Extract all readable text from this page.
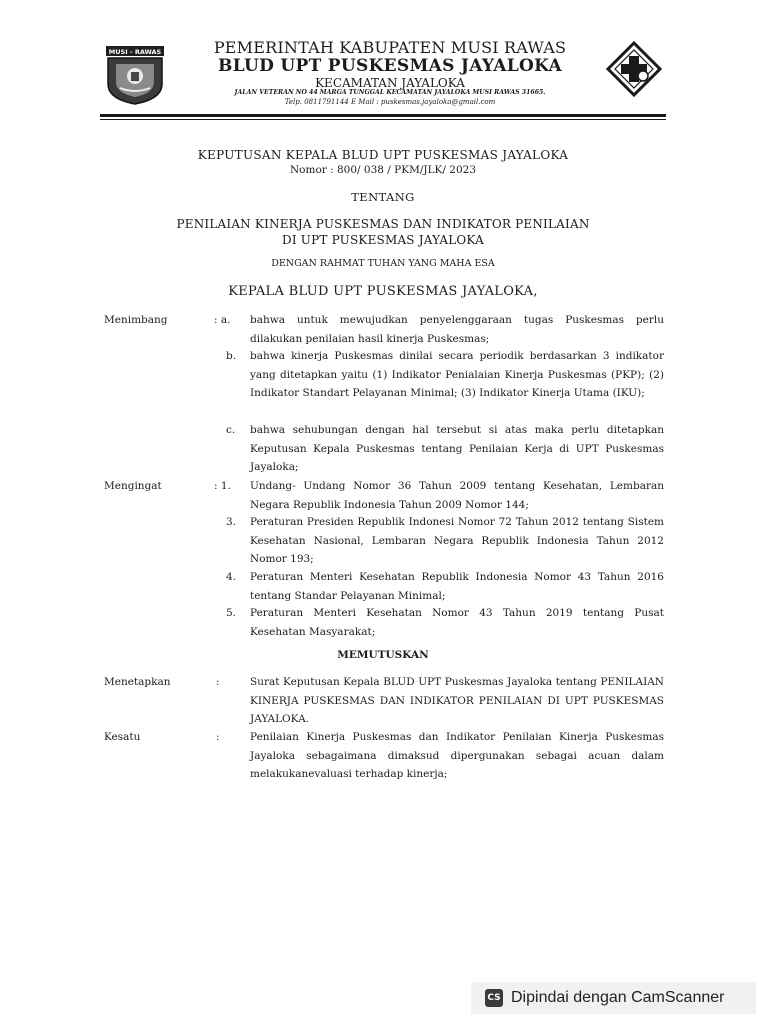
MUSI - RAWAS	PEMERINTAH KABUPATEN MUSI RAWAS
BLUD UPT PUSKESMAS JAYALOKA
KECAMATAN JAYALOKA
JALAN VETERAN NO 44 MARGA TUNGGAL KECAMATAN JAYALOKA MUSI RAWAS 31665.
Telp. 0811791144 E Mail : puskesmas.jayaloka@gmail.com
KEPUTUSAN KEPALA BLUD UPT PUSKESMAS JAYALOKA
Nomor : 800/ 038 / PKM/JLK/ 2023
TENTANG
PENILAIAN KINERJA PUSKESMAS DAN INDIKATOR PENILAIAN
DI UPT PUSKESMAS JAYALOKA
DENGAN RAHMAT TUHAN YANG MAHA ESA
KEPALA BLUD UPT PUSKESMAS JAYALOKA,
Menimbang	: a. bahwa untuk mewujudkan penyelenggaraan tugas Puskesmas perlu dilakukan penilaian hasil kinerja Puskesmas;
b. bahwa kinerja Puskesmas dinilai secara periodik berdasarkan 3 indikator yang ditetapkan yaitu (1) Indikator Penialaian Kinerja Puskesmas (PKP); (2) Indikator Standart Pelayanan Minimal; (3) Indikator Kinerja Utama (IKU);
c. bahwa sehubungan dengan hal tersebut si atas maka perlu ditetapkan Keputusan Kepala Puskesmas tentang Penilaian Kerja di UPT Puskesmas Jayaloka;
Mengingat	: 1. Undang- Undang Nomor 36 Tahun 2009 tentang Kesehatan, Lembaran Negara Republik Indonesia Tahun 2009 Nomor 144;
3. Peraturan Presiden Republik Indonesi Nomor 72 Tahun 2012 tentang Sistem Kesehatan Nasional, Lembaran Negara Republik Indonesia Tahun 2012 Nomor 193;
4. Peraturan Menteri Kesehatan Republik Indonesia Nomor 43 Tahun 2016 tentang Standar Pelayanan Minimal;
5. Peraturan Menteri Kesehatan Nomor 43 Tahun 2019 tentang Pusat Kesehatan Masyarakat;
MEMUTUSKAN
Menetapkan	:	Surat Keputusan Kepala BLUD UPT Puskesmas Jayaloka tentang PENILAIAN KINERJA PUSKESMAS DAN INDIKATOR PENILAIAN DI UPT PUSKESMAS JAYALOKA.
Kesatu	:	Penilaian Kinerja Puskesmas dan Indikator Penilaian Kinerja Puskesmas Jayaloka sebagaimana dimaksud dipergunakan sebagai acuan dalam melakukanevaluasi terhadap kinerja;
CS Dipindai dengan CamScanner
